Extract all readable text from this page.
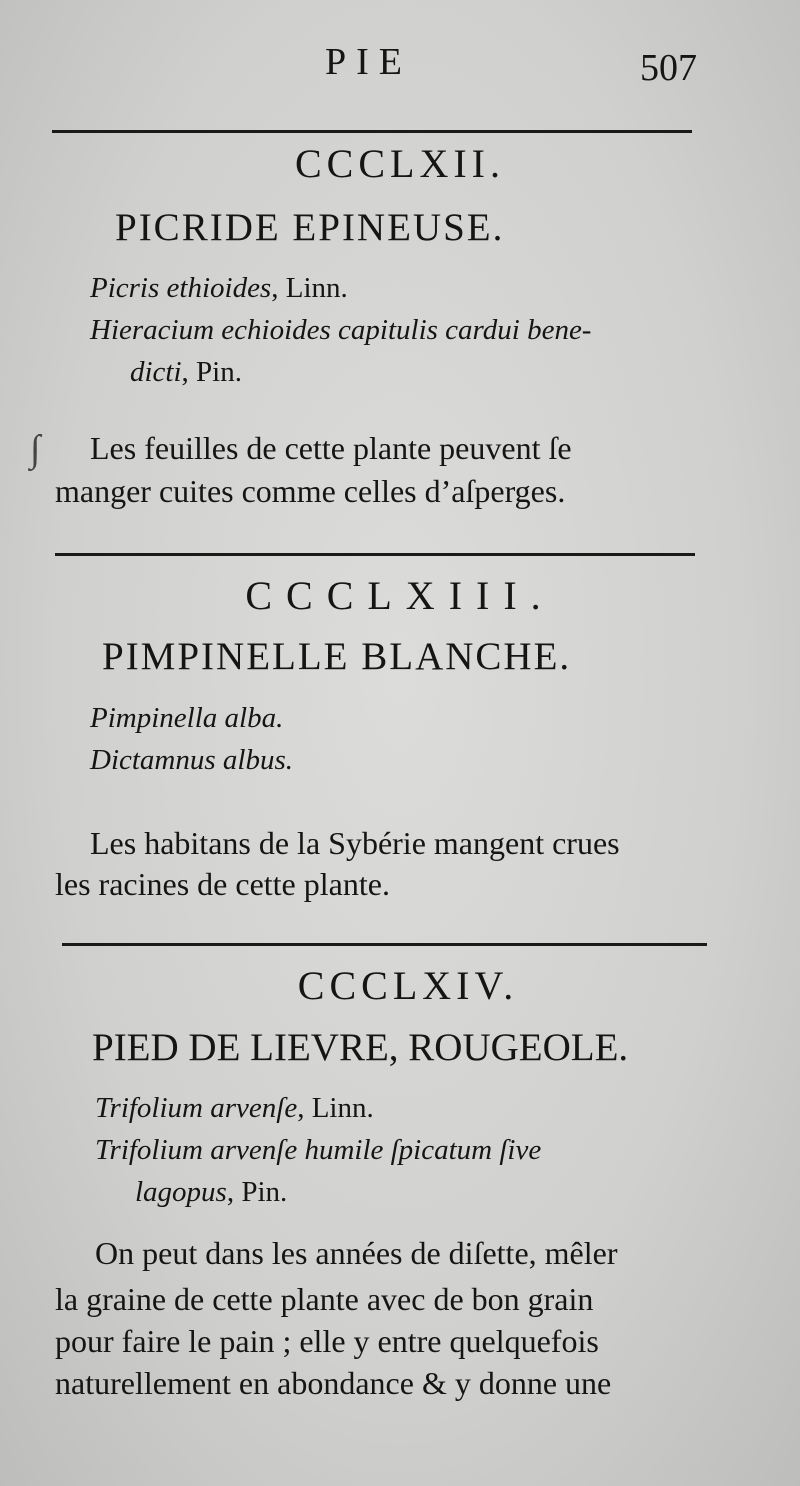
PIE	507
CCCLXII.
PICRIDE EPINEUSE.
Picris ethioides, Linn.
Hieracium echioides capitulis cardui bene-
dicti, Pin.
∫ Les feuilles de cette plante peuvent ſe
manger cuites comme celles d’aſperges.
CCCLXIII.
PIMPINELLE BLANCHE.
Pimpinella alba.
Dictamnus albus.
Les habitans de la Sybérie mangent crues
les racines de cette plante.
CCCLXIV.
PIED DE LIEVRE, ROUGEOLE.
Trifolium arvenſe, Linn.
Trifolium arvenſe humile ſpicatum ſive
lagopus, Pin.
On peut dans les années de diſette, mêler
la graine de cette plante avec de bon grain
pour faire le pain ; elle y entre quelquefois
naturellement en abondance & y donne une
